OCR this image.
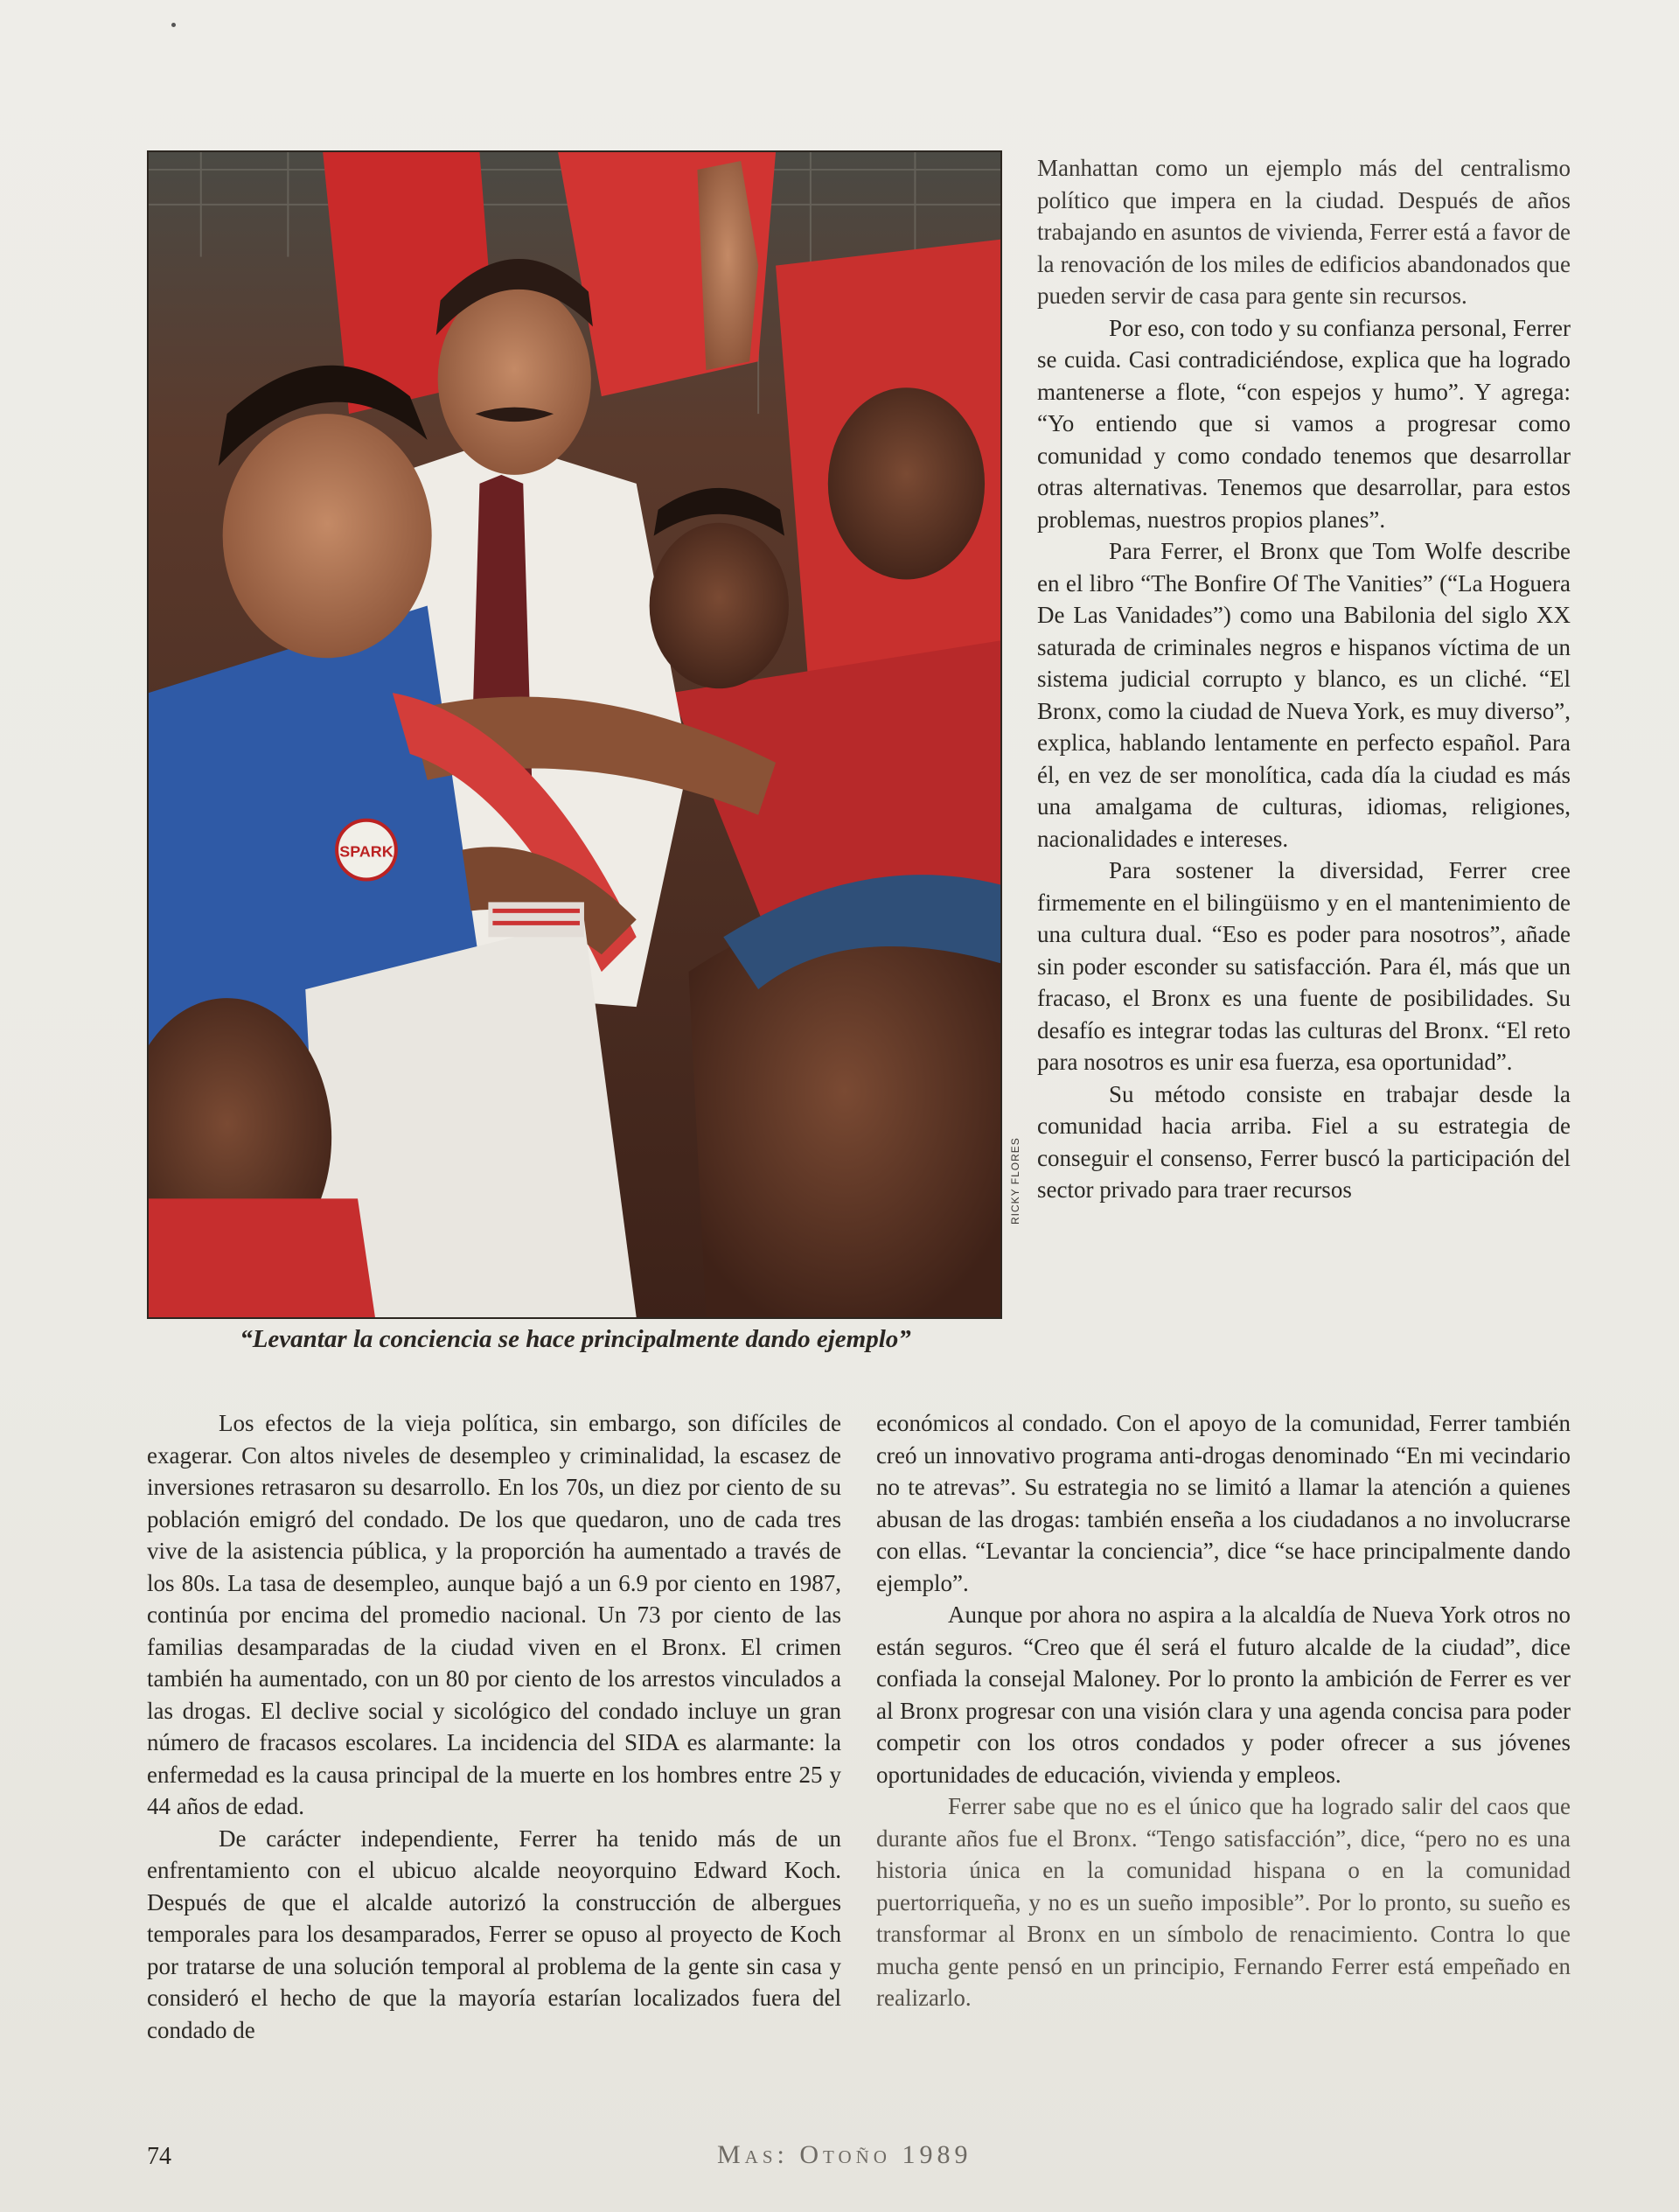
SPARK
RICKY FLORES
“Levantar la conciencia se hace principalmente dando ejemplo”

Manhattan como un ejemplo más del centralismo político que impera en la ciudad. Después de años trabajando en asuntos de vivienda, Ferrer está a favor de la renovación de los miles de edificios abandonados que pueden servir de casa para gente sin recursos.

Por eso, con todo y su confianza personal, Ferrer se cuida. Casi contradiciéndose, explica que ha logrado mantenerse a flote, “con espejos y humo”. Y agrega: “Yo entiendo que si vamos a progresar como comunidad y como condado tenemos que desarrollar otras alternativas. Tenemos que desarrollar, para estos problemas, nuestros propios planes”.

Para Ferrer, el Bronx que Tom Wolfe describe en el libro “The Bonfire Of The Vanities” (“La Hoguera De Las Vanidades”) como una Babilonia del siglo XX saturada de criminales negros e hispanos víctima de un sistema judicial corrupto y blanco, es un cliché. “El Bronx, como la ciudad de Nueva York, es muy diverso”, explica, hablando lentamente en perfecto español. Para él, en vez de ser monolítica, cada día la ciudad es más una amalgama de culturas, idiomas, religiones, nacionalidades e intereses.

Para sostener la diversidad, Ferrer cree firmemente en el bilingüismo y en el mantenimiento de una cultura dual. “Eso es poder para nosotros”, añade sin poder esconder su satisfacción. Para él, más que un fracaso, el Bronx es una fuente de posibilidades. Su desafío es integrar todas las culturas del Bronx. “El reto para nosotros es unir esa fuerza, esa oportunidad”.

Su método consiste en trabajar desde la comunidad hacia arriba. Fiel a su estrategia de conseguir el consenso, Ferrer buscó la participación del sector privado para traer recursos

Los efectos de la vieja política, sin embargo, son difíciles de exagerar. Con altos niveles de desempleo y criminalidad, la escasez de inversiones retrasaron su desarrollo. En los 70s, un diez por ciento de su población emigró del condado. De los que quedaron, uno de cada tres vive de la asistencia pública, y la proporción ha aumentado a través de los 80s. La tasa de desempleo, aunque bajó a un 6.9 por ciento en 1987, continúa por encima del promedio nacional. Un 73 por ciento de las familias desamparadas de la ciudad viven en el Bronx. El crimen también ha aumentado, con un 80 por ciento de los arrestos vinculados a las drogas. El declive social y sicológico del condado incluye un gran número de fracasos escolares. La incidencia del SIDA es alarmante: la enfermedad es la causa principal de la muerte en los hombres entre 25 y 44 años de edad.

De carácter independiente, Ferrer ha tenido más de un enfrentamiento con el ubicuo alcalde neoyorquino Edward Koch. Después de que el alcalde autorizó la construcción de albergues temporales para los desamparados, Ferrer se opuso al proyecto de Koch por tratarse de una solución temporal al problema de la gente sin casa y consideró el hecho de que la mayoría estarían localizados fuera del condado de

económicos al condado. Con el apoyo de la comunidad, Ferrer también creó un innovativo programa anti-drogas denominado “En mi vecindario no te atrevas”. Su estrategia no se limitó a llamar la atención a quienes abusan de las drogas: también enseña a los ciudadanos a no involucrarse con ellas. “Levantar la conciencia”, dice “se hace principalmente dando ejemplo”.

Aunque por ahora no aspira a la alcaldía de Nueva York otros no están seguros. “Creo que él será el futuro alcalde de la ciudad”, dice confiada la consejal Maloney. Por lo pronto la ambición de Ferrer es ver al Bronx progresar con una visión clara y una agenda concisa para poder competir con los otros condados y poder ofrecer a sus jóvenes oportunidades de educación, vivienda y empleos.

Ferrer sabe que no es el único que ha logrado salir del caos que durante años fue el Bronx. “Tengo satisfacción”, dice, “pero no es una historia única en la comunidad hispana o en la comunidad puertorriqueña, y no es un sueño imposible”. Por lo pronto, su sueño es transformar al Bronx en un símbolo de renacimiento. Contra lo que mucha gente pensó en un principio, Fernando Ferrer está empeñado en realizarlo.

74	Mas: Otoño 1989
